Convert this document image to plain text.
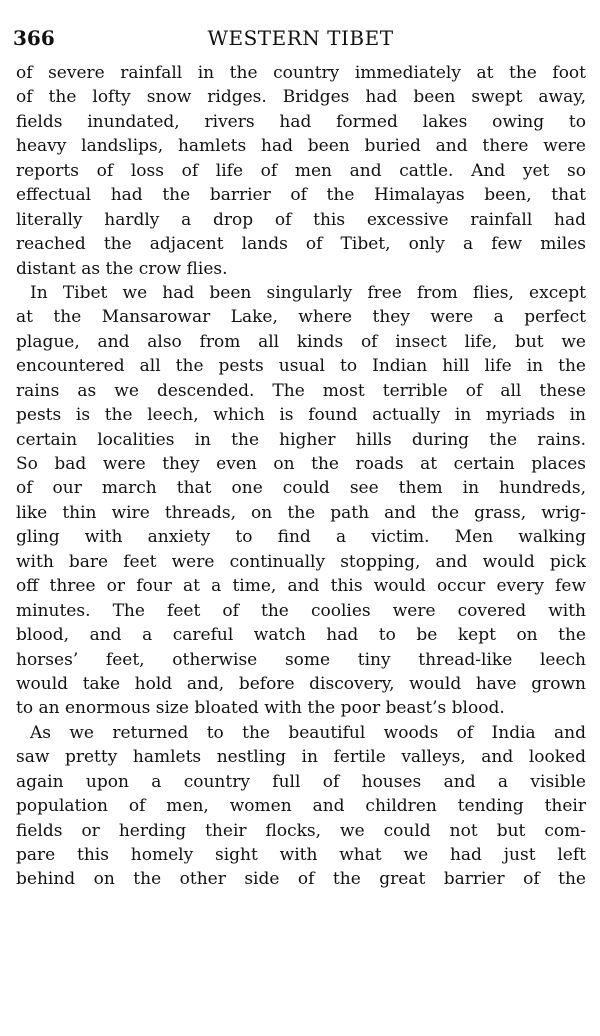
366	WESTERN TIBET
of severe rainfall in the country immediately at the foot
of the lofty snow ridges. Bridges had been swept away,
fields inundated, rivers had formed lakes owing to
heavy landslips, hamlets had been buried and there were
reports of loss of life of men and cattle. And yet so
effectual had the barrier of the Himalayas been, that
literally hardly a drop of this excessive rainfall had
reached the adjacent lands of Tibet, only a few miles
distant as the crow flies.
In Tibet we had been singularly free from flies, except
at the Mansarowar Lake, where they were a perfect
plague, and also from all kinds of insect life, but we
encountered all the pests usual to Indian hill life in the
rains as we descended. The most terrible of all these
pests is the leech, which is found actually in myriads in
certain localities in the higher hills during the rains.
So bad were they even on the roads at certain places
of our march that one could see them in hundreds,
like thin wire threads, on the path and the grass, wrig-
gling with anxiety to find a victim. Men walking
with bare feet were continually stopping, and would pick
off three or four at a time, and this would occur every few
minutes. The feet of the coolies were covered with
blood, and a careful watch had to be kept on the
horses’ feet, otherwise some tiny thread-like leech
would take hold and, before discovery, would have grown
to an enormous size bloated with the poor beast’s blood.
As we returned to the beautiful woods of India and
saw pretty hamlets nestling in fertile valleys, and looked
again upon a country full of houses and a visible
population of men, women and children tending their
fields or herding their flocks, we could not but com-
pare this homely sight with what we had just left
behind on the other side of the great barrier of the
